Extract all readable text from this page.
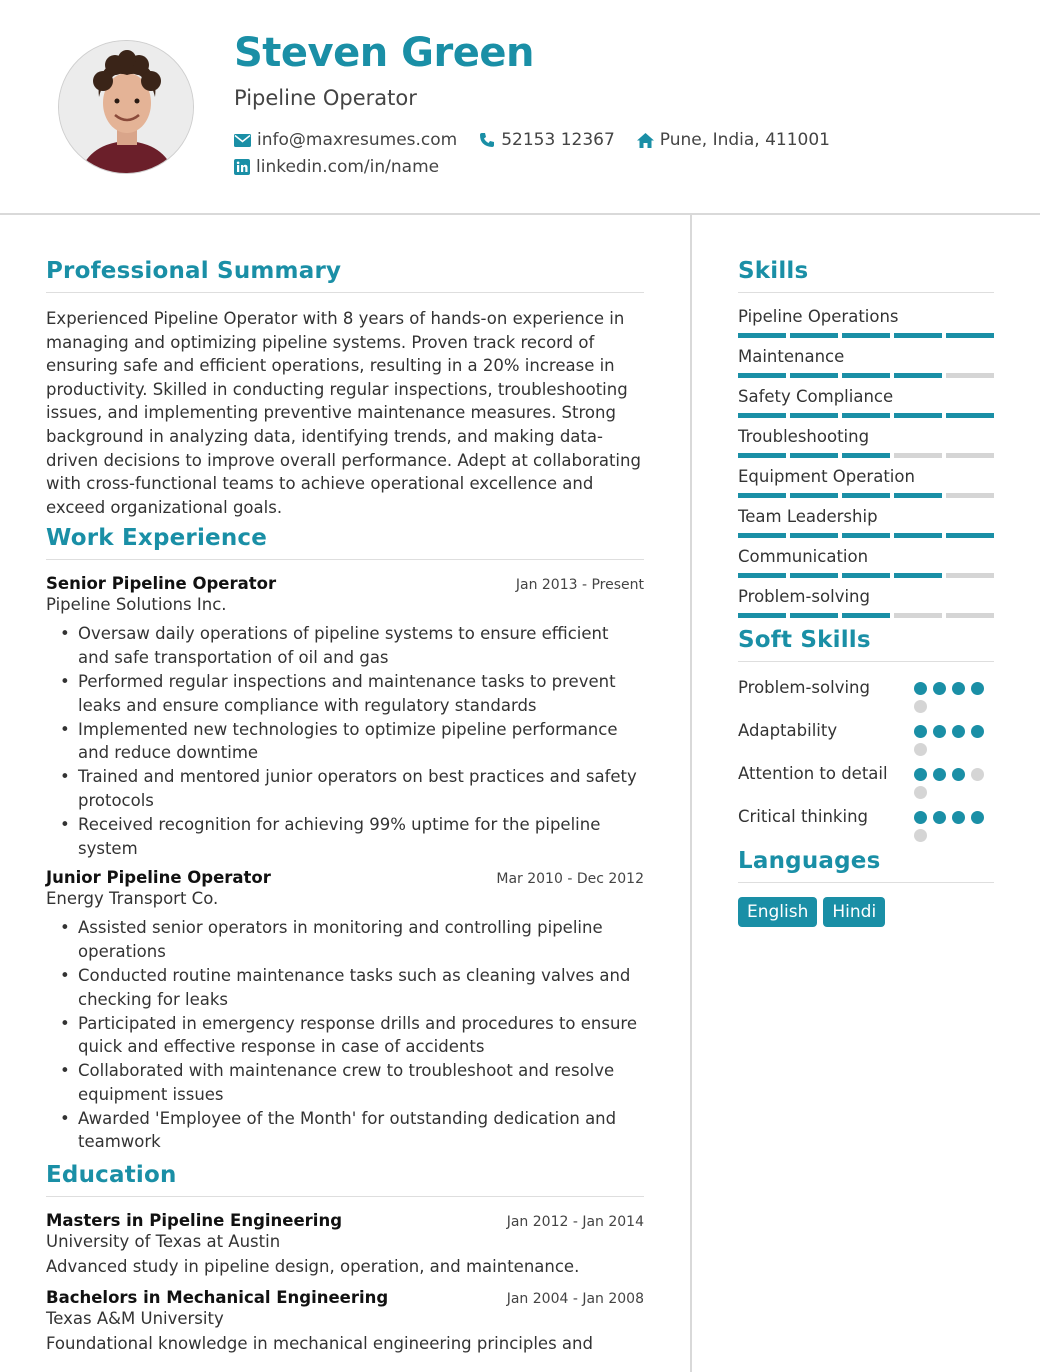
Steven Green
Pipeline Operator
info@maxresumes.com	52153 12367	Pune, India, 411001
linkedin.com/in/name
Professional Summary

Experienced Pipeline Operator with 8 years of hands-on experience in managing and optimizing pipeline systems. Proven track record of ensuring safe and efficient operations, resulting in a 20% increase in productivity. Skilled in conducting regular inspections, troubleshooting issues, and implementing preventive maintenance measures. Strong background in analyzing data, identifying trends, and making data-driven decisions to improve overall performance. Adept at collaborating with cross-functional teams to achieve operational excellence and exceed organizational goals.

Work Experience
Senior Pipeline Operator	Jan 2013 - Present
Pipeline Solutions Inc.
• Oversaw daily operations of pipeline systems to ensure efficient and safe transportation of oil and gas
• Performed regular inspections and maintenance tasks to prevent leaks and ensure compliance with regulatory standards
• Implemented new technologies to optimize pipeline performance and reduce downtime
• Trained and mentored junior operators on best practices and safety protocols
• Received recognition for achieving 99% uptime for the pipeline system
Junior Pipeline Operator	Mar 2010 - Dec 2012
Energy Transport Co.
• Assisted senior operators in monitoring and controlling pipeline operations
• Conducted routine maintenance tasks such as cleaning valves and checking for leaks
• Participated in emergency response drills and procedures to ensure quick and effective response in case of accidents
• Collaborated with maintenance crew to troubleshoot and resolve equipment issues
• Awarded 'Employee of the Month' for outstanding dedication and teamwork
Education
Masters in Pipeline Engineering	Jan 2012 - Jan 2014
University of Texas at Austin
Advanced study in pipeline design, operation, and maintenance.
Bachelors in Mechanical Engineering	Jan 2004 - Jan 2008
Texas A&M University
Foundational knowledge in mechanical engineering principles and
Skills
Pipeline Operations
Maintenance
Safety Compliance
Troubleshooting
Equipment Operation
Team Leadership
Communication
Problem-solving
Soft Skills
Problem-solving
Adaptability
Attention to detail
Critical thinking
Languages
English	Hindi
